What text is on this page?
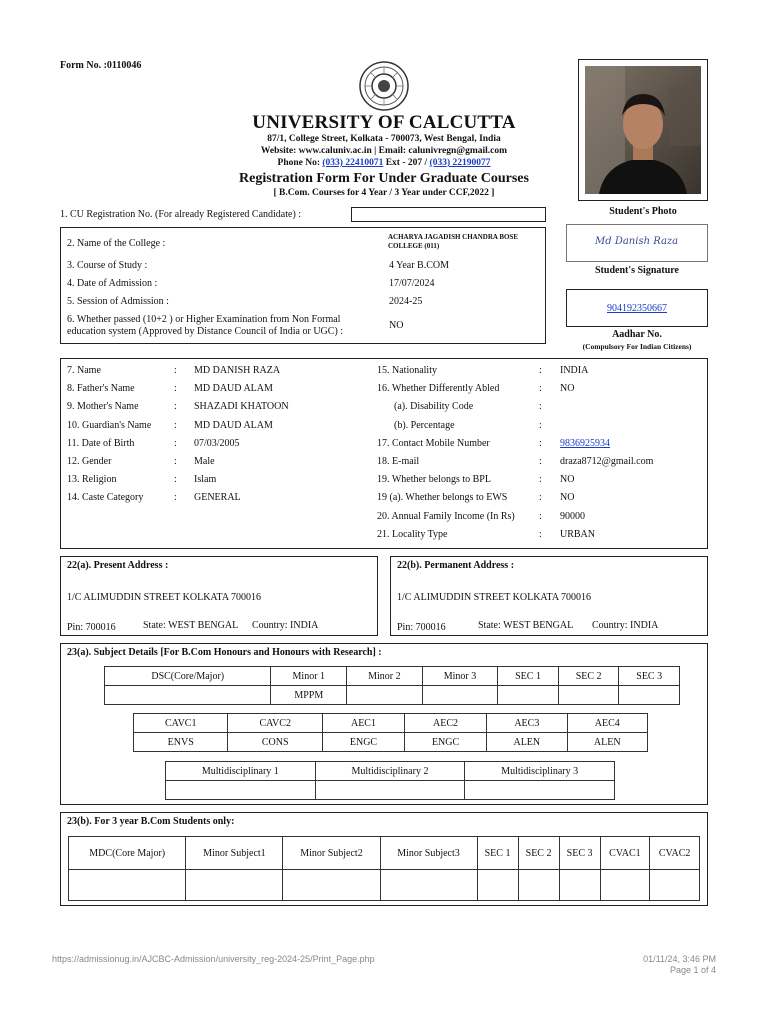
Form No. :0110046
UNIVERSITY OF CALCUTTA
87/1, College Street, Kolkata - 700073, West Bengal, India
Website: www.caluniv.ac.in | Email: calunivregn@gmail.com
Phone No: (033) 22410071 Ext - 207 / (033) 22190077
Registration Form For Under Graduate Courses
[ B.Com. Courses for 4 Year / 3 Year under CCF,2022 ]
Student's Photo
Md Danish Raza
Student's Signature
904192350667
Aadhar No.
(Compulsory For Indian Citizens)
1. CU Registration No. (For already Registered Candidate) :
2. Name of the College :
ACHARYA JAGADISH CHANDRA BOSE COLLEGE (011)
3. Course of Study :	4 Year B.COM
4. Date of Admission :	17/07/2024
5. Session of Admission :	2024-25
6. Whether passed (10+2 ) or Higher Examination from Non Formal
education system (Approved by Distance Council of India or UGC) :
NO
7. Name	: MD DANISH RAZA
8. Father's Name	: MD DAUD ALAM
9. Mother's Name	: SHAZADI KHATOON
10. Guardian's Name : MD DAUD ALAM
11. Date of Birth	: 07/03/2005
12. Gender	: Male
13. Religion	: Islam
14. Caste Category	: GENERAL
15. Nationality	: INDIA
16. Whether Differently Abled	: NO
(a). Disability Code	:
(b). Percentage	:
17. Contact Mobile Number	: 9836925934
18. E-mail	: draza8712@gmail.com
19. Whether belongs to BPL	: NO
19 (a). Whether belongs to EWS	: NO
20. Annual Family Income (In Rs) : 90000
21. Locality Type	: URBAN
22(a). Present Address :
1/C ALIMUDDIN STREET KOLKATA 700016
Pin: 700016	State: WEST BENGAL Country: INDIA
22(b). Permanent Address :
1/C ALIMUDDIN STREET KOLKATA 700016
Pin: 700016	State: WEST BENGAL Country: INDIA
23(a). Subject Details [For B.Com Honours and Honours with Research] :
DSC(Core/Major)	Minor 1	Minor 2	Minor 3	SEC 1	SEC 2	SEC 3
	MPPM					
CAVC1	CAVC2	AEC1	AEC2	AEC3	AEC4
ENVS	CONS	ENGC	ENGC	ALEN	ALEN
Multidisciplinary 1	Multidisciplinary 2	Multidisciplinary 3

23(b). For 3 year B.Com Students only:
MDC(Core Major)	Minor Subject1	Minor Subject2	Minor Subject3	SEC 1	SEC 2	SEC 3	CVAC1	CVAC2

https://admissionug.in/AJCBC-Admission/university_reg-2024-25/Print_Page.php	01/11/24, 3:46 PM
Page 1 of 4
